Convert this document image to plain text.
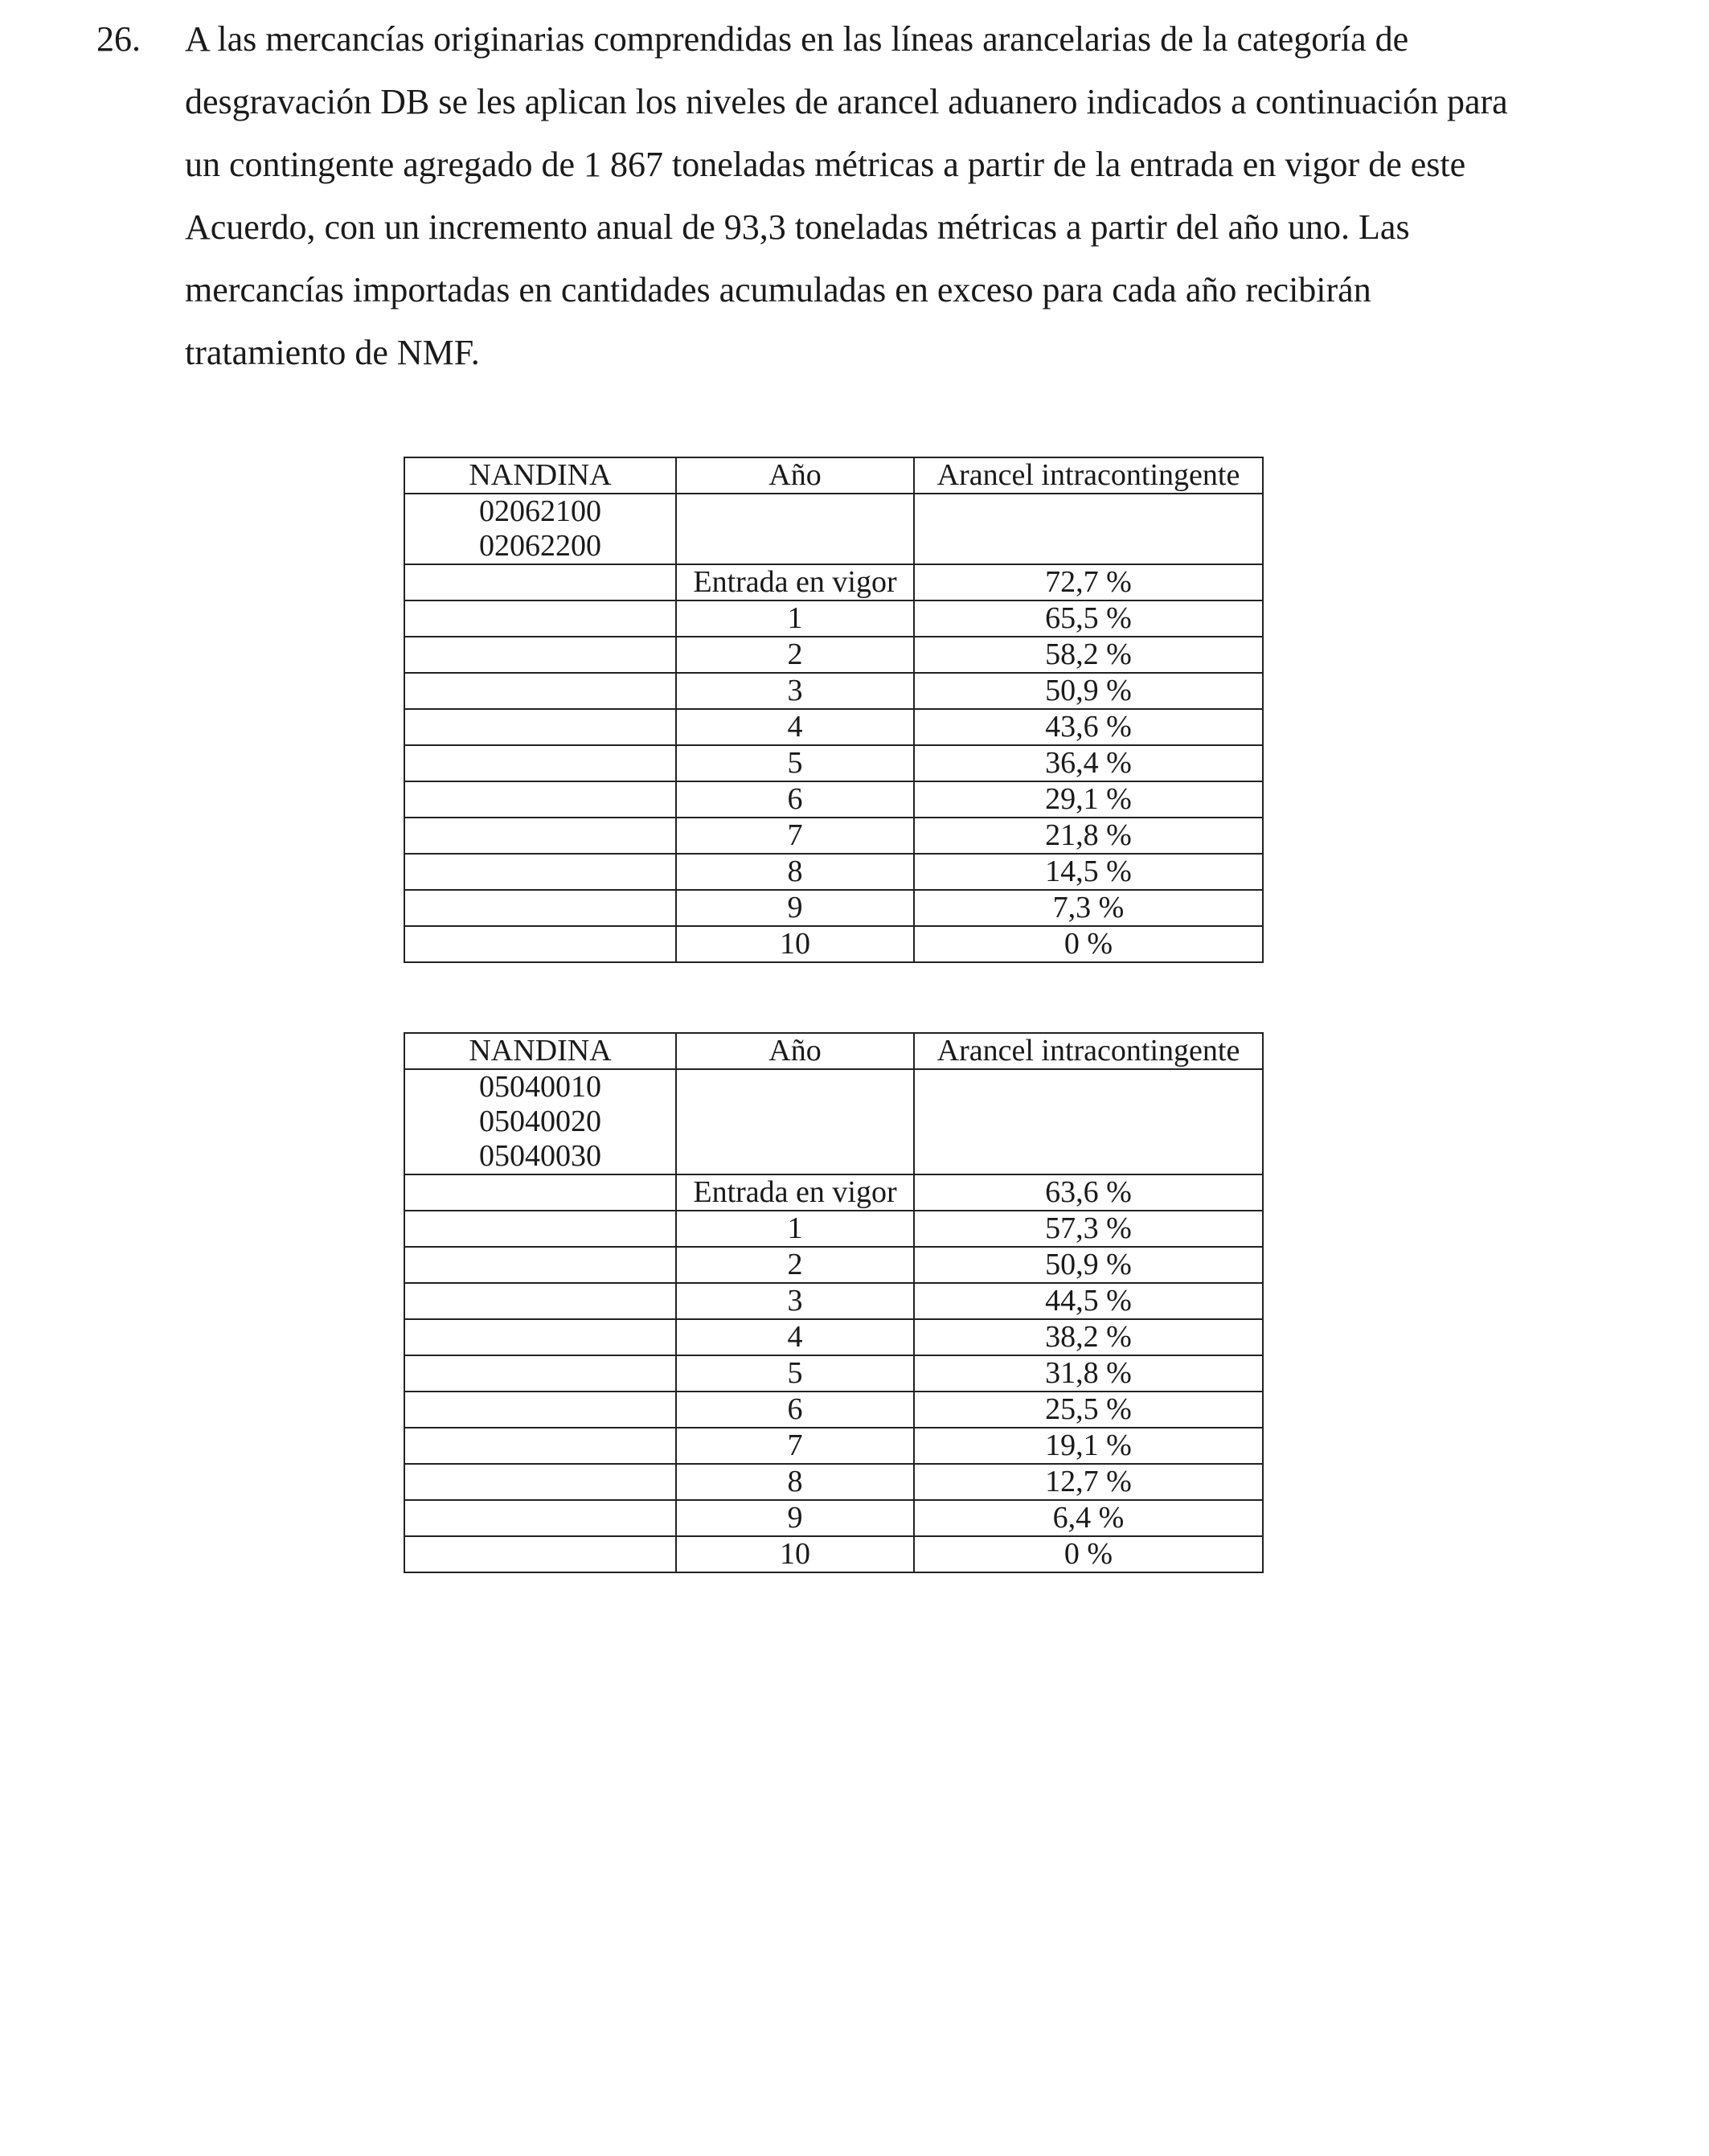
26. A las mercancías originarias comprendidas en las líneas arancelarias de la categoría de
desgravación DB se les aplican los niveles de arancel aduanero indicados a continuación para
un contingente agregado de 1 867 toneladas métricas a partir de la entrada en vigor de este
Acuerdo, con un incremento anual de 93,3 toneladas métricas a partir del año uno. Las
mercancías importadas en cantidades acumuladas en exceso para cada año recibirán
tratamiento de NMF.
NANDINA	Año	Arancel intracontingente

02062100
02062200		

	Entrada en vigor	72,7 %
	1	65,5 %
	2	58,2 %
	3	50,9 %
	4	43,6 %
	5	36,4 %
	6	29,1 %
	7	21,8 %
	8	14,5 %
	9	7,3 %
	10	0 %
NANDINA	Año	Arancel intracontingente

05040010
05040020
05040030		

	Entrada en vigor	63,6 %
	1	57,3 %
	2	50,9 %
	3	44,5 %
	4	38,2 %
	5	31,8 %
	6	25,5 %
	7	19,1 %
	8	12,7 %
	9	6,4 %
	10	0 %
